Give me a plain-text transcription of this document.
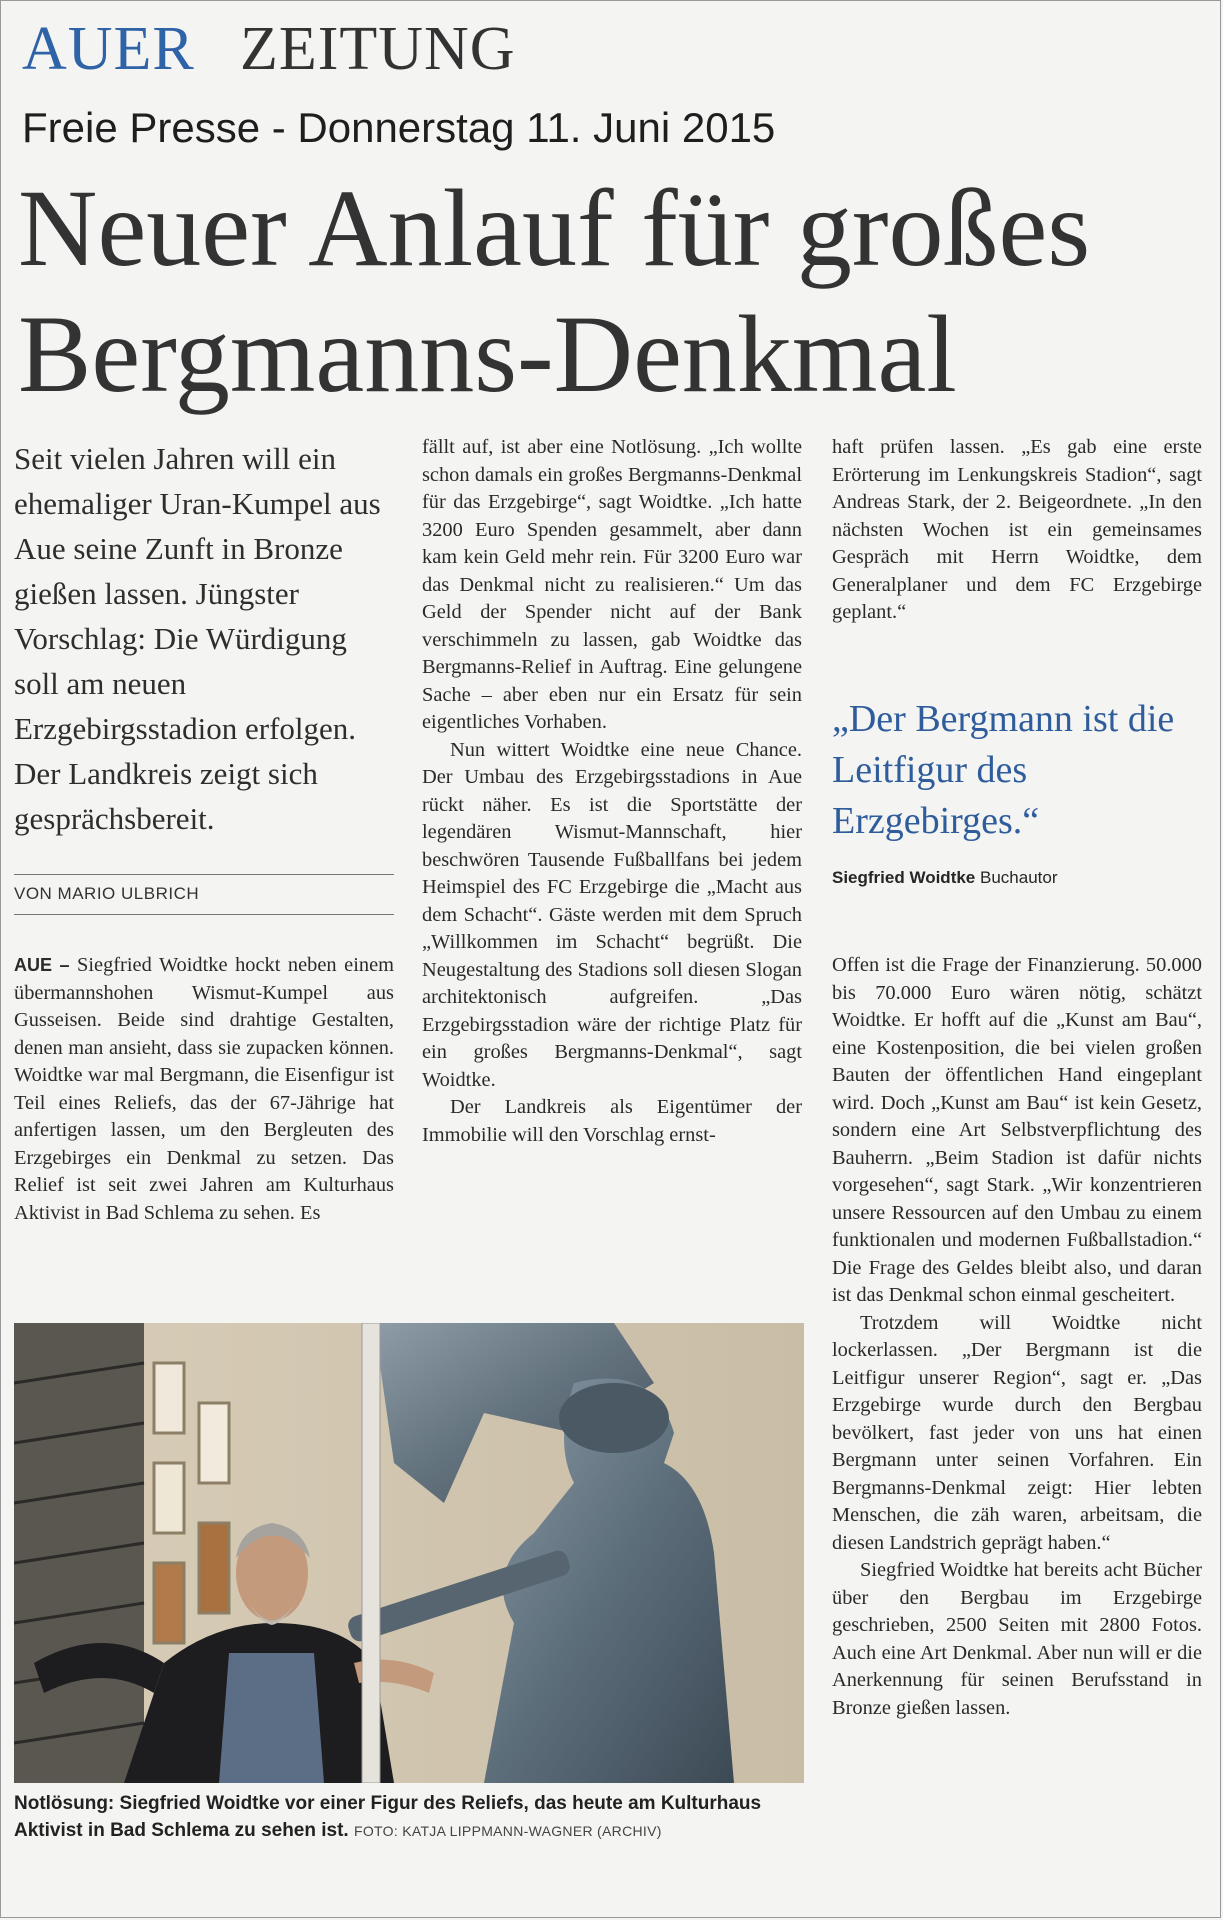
AUER ZEITUNG
Freie Presse - Donnerstag 11. Juni 2015
Neuer Anlauf für großes Bergmanns-Denkmal
Seit vielen Jahren will ein ehemaliger Uran-Kumpel aus Aue seine Zunft in Bronze gießen lassen. Jüngster Vorschlag: Die Würdigung soll am neuen Erzgebirgsstadion erfolgen. Der Landkreis zeigt sich gesprächsbereit.
VON MARIO ULBRICH
AUE – Siegfried Woidtke hockt neben einem übermannshohen Wismut-Kumpel aus Gusseisen. Beide sind drahtige Gestalten, denen man ansieht, dass sie zupacken können. Woidtke war mal Bergmann, die Eisenfigur ist Teil eines Reliefs, das der 67-Jährige hat anfertigen lassen, um den Bergleuten des Erzgebirges ein Denkmal zu setzen. Das Relief ist seit zwei Jahren am Kulturhaus Aktivist in Bad Schlema zu sehen. Es
fällt auf, ist aber eine Notlösung. „Ich wollte schon damals ein großes Bergmanns-Denkmal für das Erzgebirge“, sagt Woidtke. „Ich hatte 3200 Euro Spenden gesammelt, aber dann kam kein Geld mehr rein. Für 3200 Euro war das Denkmal nicht zu realisieren.“ Um das Geld der Spender nicht auf der Bank verschimmeln zu lassen, gab Woidtke das Bergmanns-Relief in Auftrag. Eine gelungene Sache – aber eben nur ein Ersatz für sein eigentliches Vorhaben.
Nun wittert Woidtke eine neue Chance. Der Umbau des Erzgebirgsstadions in Aue rückt näher. Es ist die Sportstätte der legendären Wismut-Mannschaft, hier beschwören Tausende Fußballfans bei jedem Heimspiel des FC Erzgebirge die „Macht aus dem Schacht“. Gäste werden mit dem Spruch „Willkommen im Schacht“ begrüßt. Die Neugestaltung des Stadions soll diesen Slogan architektonisch aufgreifen. „Das Erzgebirgsstadion wäre der richtige Platz für ein großes Bergmanns-Denkmal“, sagt Woidtke.
Der Landkreis als Eigentümer der Immobilie will den Vorschlag ernst-
haft prüfen lassen. „Es gab eine erste Erörterung im Lenkungskreis Stadion“, sagt Andreas Stark, der 2. Beigeordnete. „In den nächsten Wochen ist ein gemeinsames Gespräch mit Herrn Woidtke, dem Generalplaner und dem FC Erzgebirge geplant.“
„Der Bergmann ist die Leitfigur des Erzgebirges.“
Siegfried Woidtke Buchautor
Offen ist die Frage der Finanzierung. 50.000 bis 70.000 Euro wären nötig, schätzt Woidtke. Er hofft auf die „Kunst am Bau“, eine Kostenposition, die bei vielen großen Bauten der öffentlichen Hand eingeplant wird. Doch „Kunst am Bau“ ist kein Gesetz, sondern eine Art Selbstverpflichtung des Bauherrn. „Beim Stadion ist dafür nichts vorgesehen“, sagt Stark. „Wir konzentrieren unsere Ressourcen auf den Umbau zu einem funktionalen und modernen Fußballstadion.“ Die Frage des Geldes bleibt also, und daran ist das Denkmal schon einmal gescheitert.
Trotzdem will Woidtke nicht lockerlassen. „Der Bergmann ist die Leitfigur unserer Region“, sagt er. „Das Erzgebirge wurde durch den Bergbau bevölkert, fast jeder von uns hat einen Bergmann unter seinen Vorfahren. Ein Bergmanns-Denkmal zeigt: Hier lebten Menschen, die zäh waren, arbeitsam, die diesen Landstrich geprägt haben.“
Siegfried Woidtke hat bereits acht Bücher über den Bergbau im Erzgebirge geschrieben, 2500 Seiten mit 2800 Fotos. Auch eine Art Denkmal. Aber nun will er die Anerkennung für seinen Berufsstand in Bronze gießen lassen.
Notlösung: Siegfried Woidtke vor einer Figur des Reliefs, das heute am Kulturhaus Aktivist in Bad Schlema zu sehen ist. FOTO: KATJA LIPPMANN-WAGNER (ARCHIV)
